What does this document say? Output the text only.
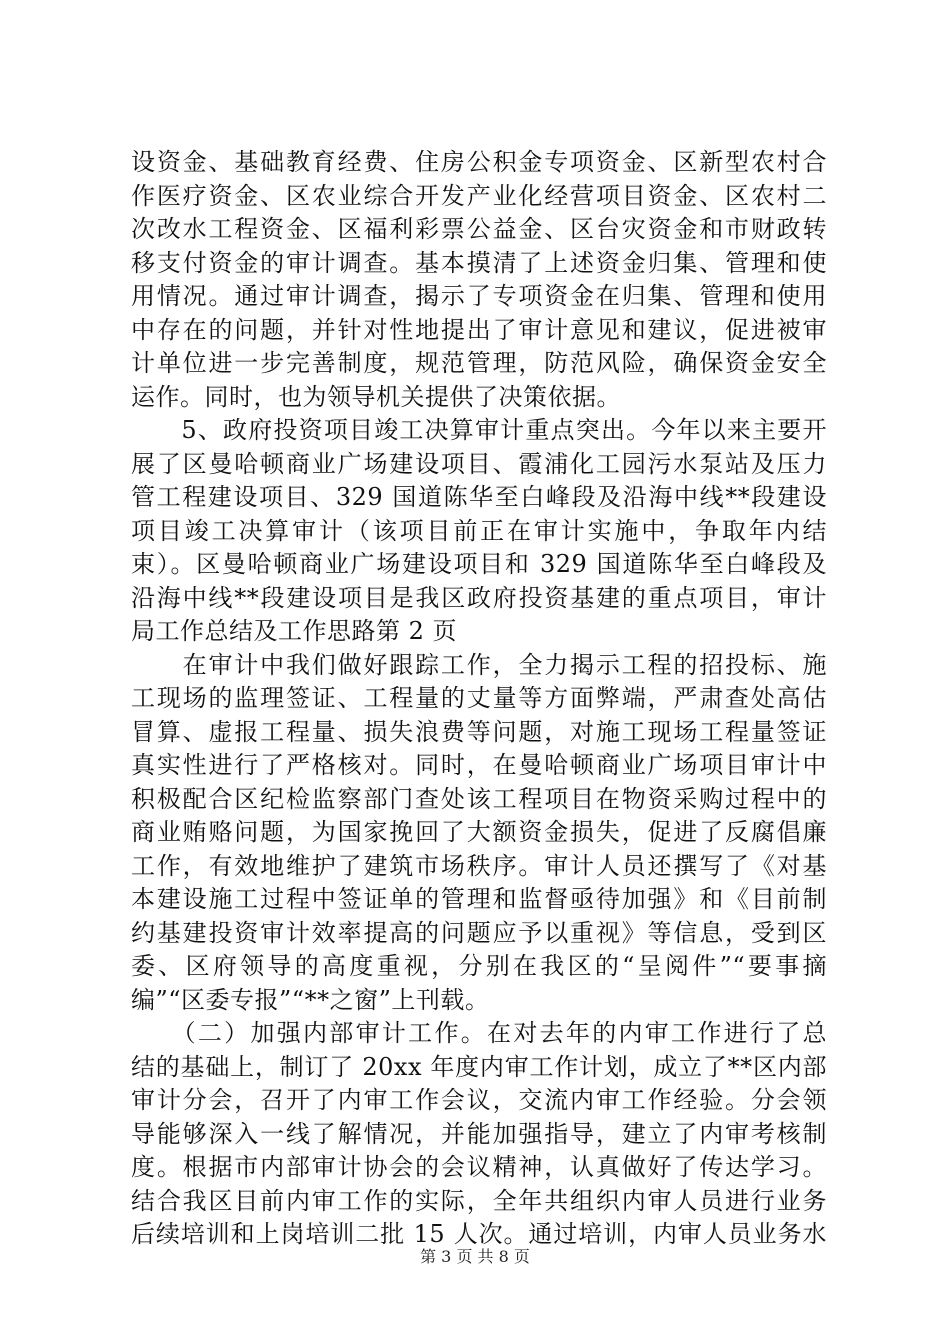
设资金、基础教育经费、住房公积金专项资金、区新型农村合
作医疗资金、区农业综合开发产业化经营项目资金、区农村二
次改水工程资金、区福利彩票公益金、区台灾资金和市财政转
移支付资金的审计调查。基本摸清了上述资金归集、管理和使
用情况。通过审计调查，揭示了专项资金在归集、管理和使用
中存在的问题，并针对性地提出了审计意见和建议，促进被审
计单位进一步完善制度，规范管理，防范风险，确保资金安全
运作。同时，也为领导机关提供了决策依据。
　　5、政府投资项目竣工决算审计重点突出。今年以来主要开
展了区曼哈顿商业广场建设项目、霞浦化工园污水泵站及压力
管工程建设项目、329 国道陈华至白峰段及沿海中线**段建设
项目竣工决算审计（该项目前正在审计实施中，争取年内结
束）。区曼哈顿商业广场建设项目和 329 国道陈华至白峰段及
沿海中线**段建设项目是我区政府投资基建的重点项目，审计
局工作总结及工作思路第 2 页
　　在审计中我们做好跟踪工作，全力揭示工程的招投标、施
工现场的监理签证、工程量的丈量等方面弊端，严肃查处高估
冒算、虚报工程量、损失浪费等问题，对施工现场工程量签证
真实性进行了严格核对。同时，在曼哈顿商业广场项目审计中
积极配合区纪检监察部门查处该工程项目在物资采购过程中的
商业贿赂问题，为国家挽回了大额资金损失，促进了反腐倡廉
工作，有效地维护了建筑市场秩序。审计人员还撰写了《对基
本建设施工过程中签证单的管理和监督亟待加强》和《目前制
约基建投资审计效率提高的问题应予以重视》等信息，受到区
委、区府领导的高度重视，分别在我区的“呈阅件”“要事摘
编”“区委专报”“**之窗”上刊载。
　　（二）加强内部审计工作。在对去年的内审工作进行了总
结的基础上，制订了 20xx 年度内审工作计划，成立了**区内部
审计分会，召开了内审工作会议，交流内审工作经验。分会领
导能够深入一线了解情况，并能加强指导，建立了内审考核制
度。根据市内部审计协会的会议精神，认真做好了传达学习。
结合我区目前内审工作的实际，全年共组织内审人员进行业务
后续培训和上岗培训二批 15 人次。通过培训，内审人员业务水
第 3 页 共 8 页
